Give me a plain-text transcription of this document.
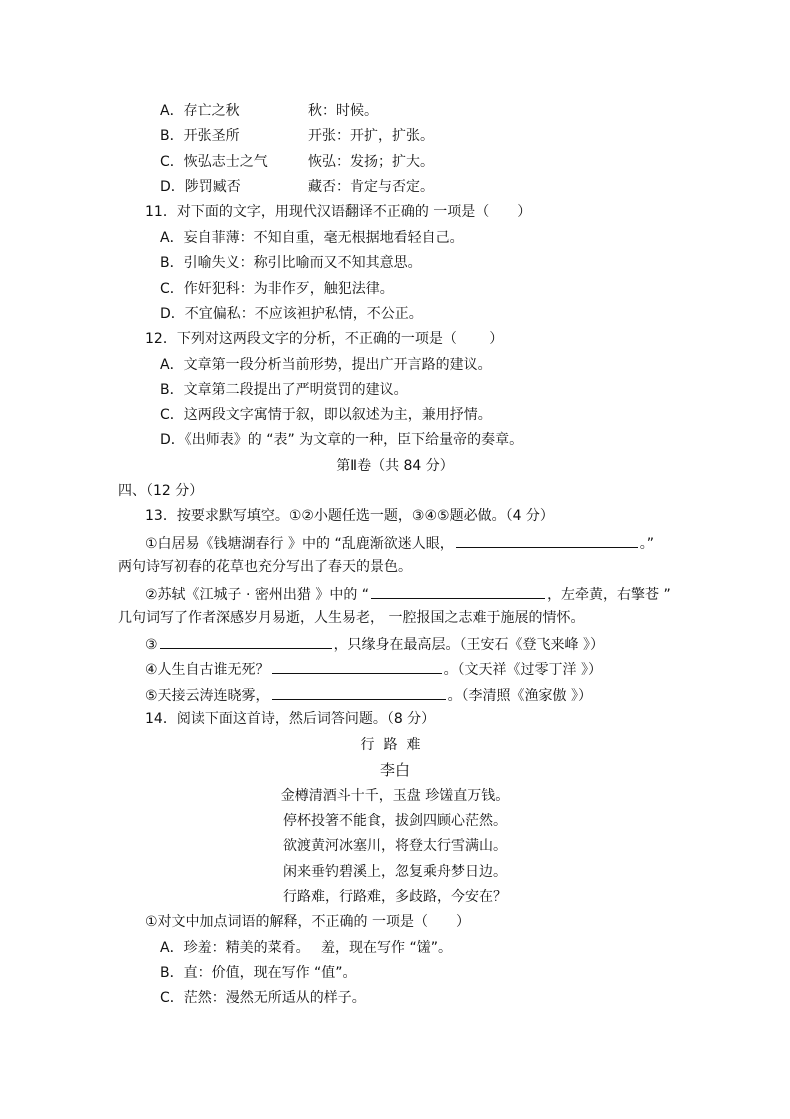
A．存亡之秋	秋：时候。
B．开张圣所	开张：开扩，扩张。
C．恢弘志士之气	恢弘：发扬；扩大。
D．陟罚臧否	藏否：肯定与否定。
11．对下面的文字，用现代汉语翻译不正确的 一项是（　　）
A．妄自菲薄：不知自重，毫无根据地看轻自己。
B．引喻失义：称引比喻而又不知其意思。
C．作奸犯科：为非作歹，触犯法律。
D．不宜偏私：不应该袒护私情，不公正。
12．下列对这两段文字的分析，不正确的一项是（　　 ）
A．文章第一段分析当前形势，提出广开言路的建议。
B．文章第二段提出了严明赏罚的建议。
C．这两段文字寓情于叙，即以叙述为主，兼用抒情。
D．《出师表》的 “表” 为文章的一种，臣下给量帝的奏章。
第Ⅱ卷（共 84 分）
四、（12 分）
13．按要求默写填空。①②小题任选一题，③④⑤题必做。（4 分）
①白居易《钱塘湖春行 》中的 “乱鹿渐欲迷人眼，	。”
两句诗写初春的花草也充分写出了春天的景色。
②苏轼《江城子 · 密州出猎 》中的 “	，左牵黄，右擎苍 ”
几句词写了作者深感岁月易逝，人生易老， 一腔报国之志难于施展的情怀。
③	，只缘身在最高层。（王安石《登飞来峰 》）
④人生自古谁无死？	。（文天祥《过零丁洋 》）
⑤天接云涛连晓雾，	。（李清照《渔家傲 》）
14．阅读下面这首诗，然后词答问题。（8 分）
行路难
李白
金樽清酒斗十千，玉盘 珍馐直万钱。
停杯投箸不能食，拔剑四顾心茫然。
欲渡黄河冰塞川，将登太行雪满山。
闲来垂钓碧溪上，忽复乘舟梦日边。
行路难，行路难，多歧路，今安在？
①对文中加点词语的解释，不正确的 一项是（　　）
A．珍羞：精美的菜肴。　 羞，现在写作 “馐”。
B．直：价值，现在写作 “值”。
C．茫然：漫然无所适从的样子。
